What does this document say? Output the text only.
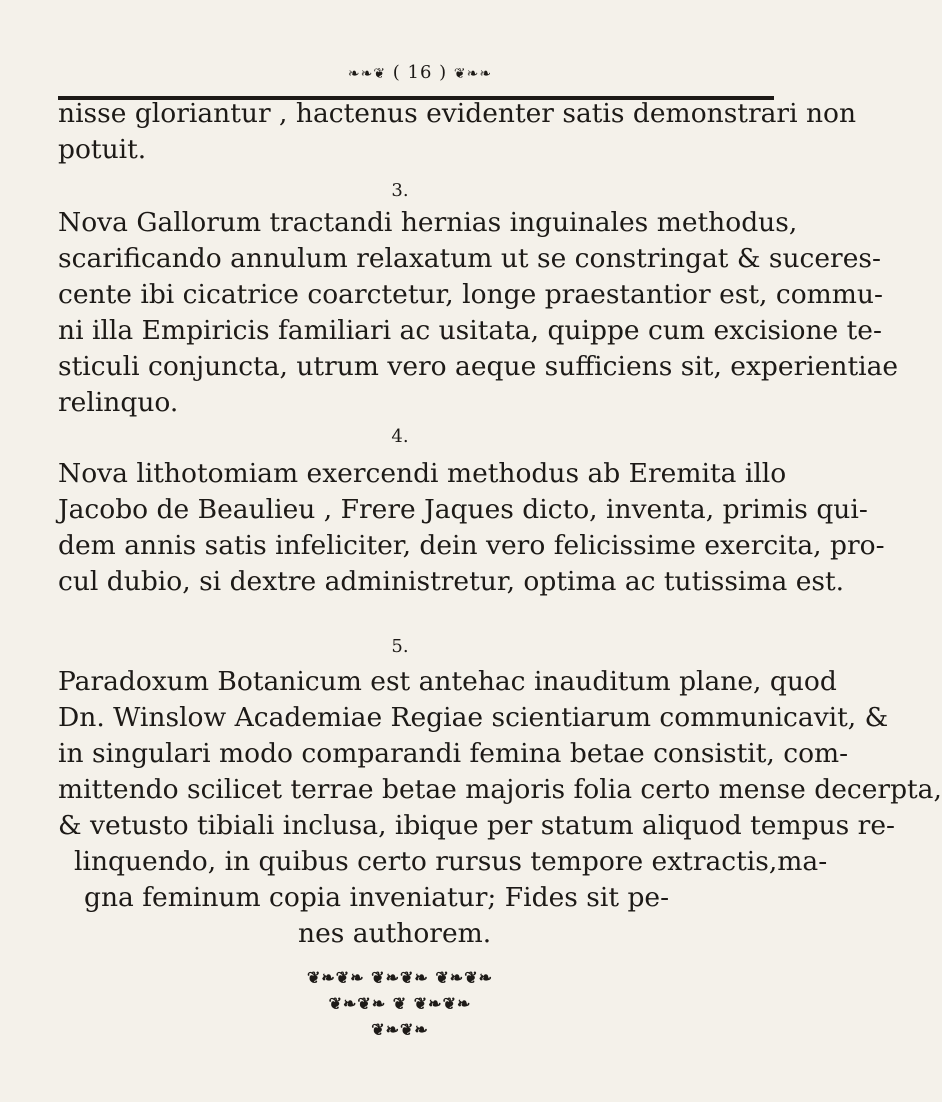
❧❧❦ ( 16 ) ❦❧❧
nisse gloriantur , hactenus evidenter satis demonstrari non
potuit.
3.
Nova Gallorum tractandi hernias inguinales methodus,
scarificando annulum relaxatum ut se constringat & suceres-
cente ibi cicatrice coarctetur, longe praestantior est, commu-
ni illa Empiricis familiari ac usitata, quippe cum excisione te-
sticuli conjuncta, utrum vero aeque sufficiens sit, experientiae
relinquo.
4.
Nova lithotomiam exercendi methodus ab Eremita illo
Jacobo de Beaulieu , Frere Jaques dicto, inventa, primis qui-
dem annis satis infeliciter, dein vero felicissime exercita, pro-
cul dubio, si dextre administretur, optima ac tutissima est.
5.
Paradoxum Botanicum est antehac inauditum plane, quod
Dn. Winslow Academiae Regiae scientiarum communicavit, &
in singulari modo comparandi femina betae consistit, com-
mittendo scilicet terrae betae majoris folia certo mense decerpta,
& vetusto tibiali inclusa, ibique per statum aliquod tempus re-
linquendo, in quibus certo rursus tempore extractis,ma-
gna feminum copia inveniatur; Fides sit pe-
nes authorem.
❦❧❦❧ ❦❧❦❧ ❦❧❦❧
❦❧❦❧ ❦ ❦❧❦❧
❦❧❦❧
